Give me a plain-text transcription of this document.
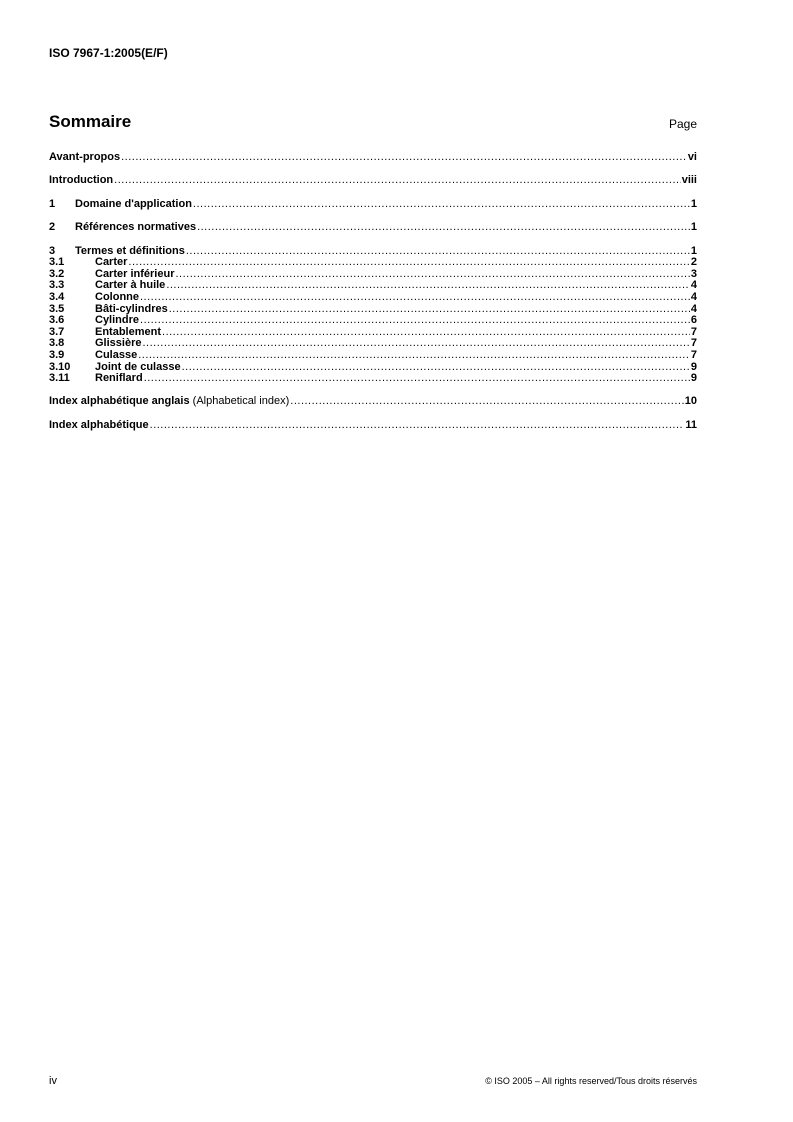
ISO 7967-1:2005(E/F)
Sommaire	Page
Avant-propos .....	vi
Introduction .....	viii
1	Domaine d'application .....	1
2	Références normatives .....	1
3	Termes et définitions .....	1
3.1	Carter .....	2
3.2	Carter inférieur .....	3
3.3	Carter à huile .....	4
3.4	Colonne .....	4
3.5	Bâti-cylindres .....	4
3.6	Cylindre .....	6
3.7	Entablement .....	7
3.8	Glissière .....	7
3.9	Culasse .....	7
3.10	Joint de culasse .....	9
3.11	Reniflard .....	9
Index alphabétique anglais (Alphabetical index) .....	10
Index alphabétique .....	11
iv	© ISO 2005 – All rights reserved/Tous droits réservés
